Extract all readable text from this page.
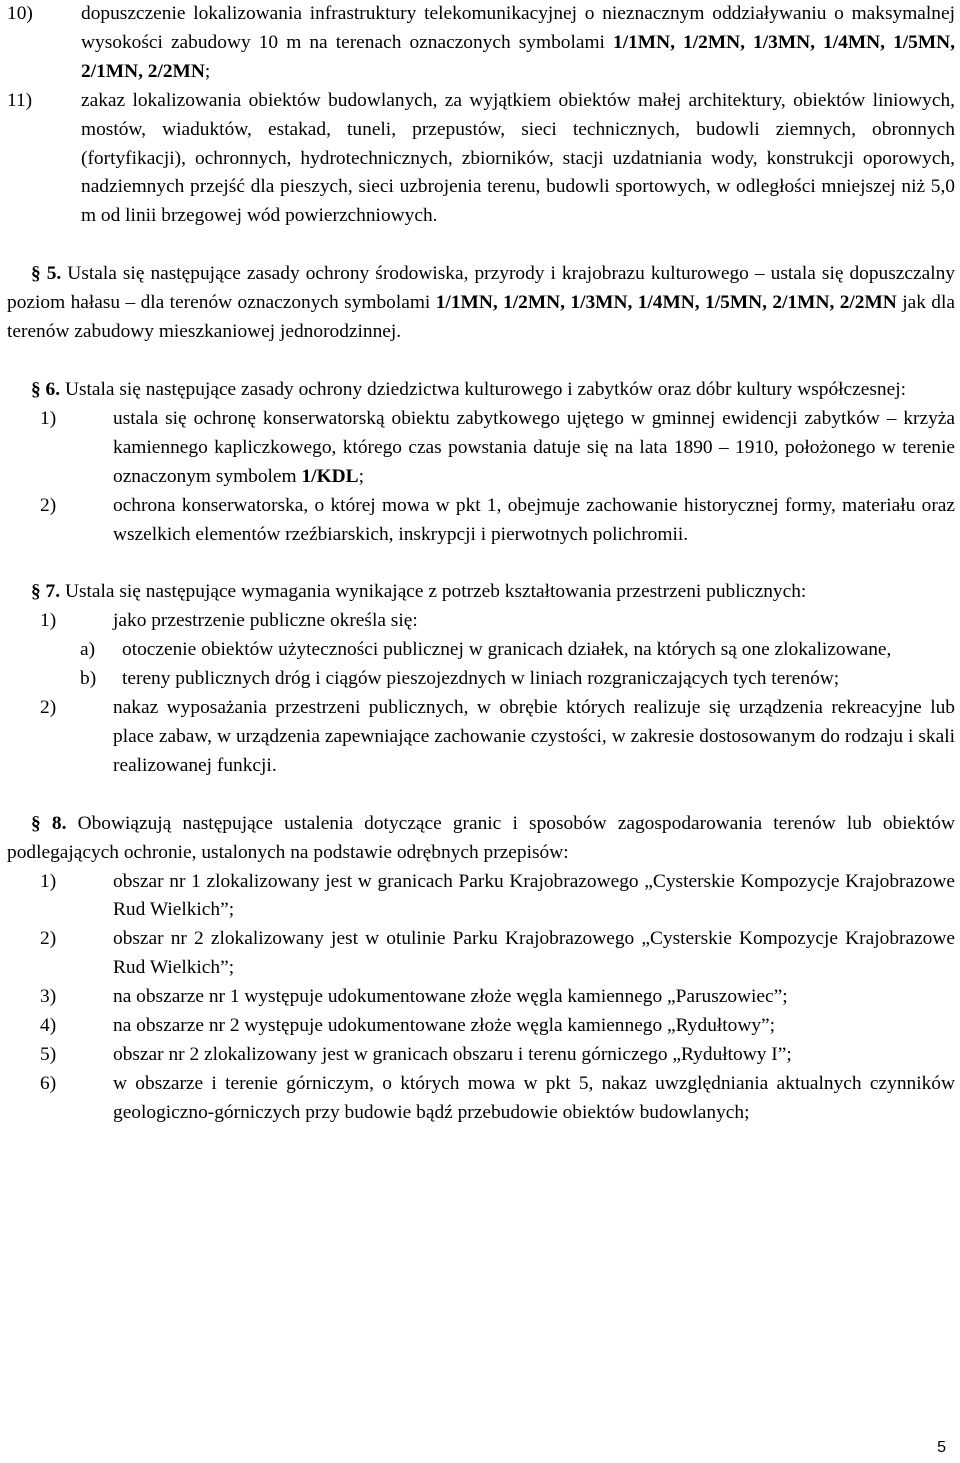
10)	dopuszczenie lokalizowania infrastruktury telekomunikacyjnej o nieznacznym oddziaływaniu o maksymalnej wysokości zabudowy 10 m na terenach oznaczonych symbolami 1/1MN, 1/2MN, 1/3MN, 1/4MN, 1/5MN, 2/1MN, 2/2MN;
11)	zakaz lokalizowania obiektów budowlanych, za wyjątkiem obiektów małej architektury, obiektów liniowych, mostów, wiaduktów, estakad, tuneli, przepustów, sieci technicznych, budowli ziemnych, obronnych (fortyfikacji), ochronnych, hydrotechnicznych, zbiorników, stacji uzdatniania wody, konstrukcji oporowych, nadziemnych przejść dla pieszych, sieci uzbrojenia terenu, budowli sportowych, w odległości mniejszej niż 5,0 m od linii brzegowej wód powierzchniowych.
§ 5. Ustala się następujące zasady ochrony środowiska, przyrody i krajobrazu kulturowego – ustala się dopuszczalny poziom hałasu – dla terenów oznaczonych symbolami 1/1MN, 1/2MN, 1/3MN, 1/4MN, 1/5MN, 2/1MN, 2/2MN jak dla terenów zabudowy mieszkaniowej jednorodzinnej.
§ 6. Ustala się następujące zasady ochrony dziedzictwa kulturowego i zabytków oraz dóbr kultury współczesnej:
1)	ustala się ochronę konserwatorską obiektu zabytkowego ujętego w gminnej ewidencji zabytków – krzyża kamiennego kapliczkowego, którego czas powstania datuje się na lata 1890 – 1910, położonego w terenie oznaczonym symbolem 1/KDL;
2)	ochrona konserwatorska, o której mowa w pkt 1, obejmuje zachowanie historycznej formy, materiału oraz wszelkich elementów rzeźbiarskich, inskrypcji i pierwotnych polichromii.
§ 7. Ustala się następujące wymagania wynikające z potrzeb kształtowania przestrzeni publicznych:
1)	jako przestrzenie publiczne określa się:
a)	otoczenie obiektów użyteczności publicznej w granicach działek, na których są one zlokalizowane,
b)	tereny publicznych dróg i ciągów pieszojezdnych w liniach rozgraniczających tych terenów;
2)	nakaz wyposażania przestrzeni publicznych, w obrębie których realizuje się urządzenia rekreacyjne lub place zabaw, w urządzenia zapewniające zachowanie czystości, w zakresie dostosowanym do rodzaju i skali realizowanej funkcji.
§ 8. Obowiązują następujące ustalenia dotyczące granic i sposobów zagospodarowania terenów lub obiektów podlegających ochronie, ustalonych na podstawie odrębnych przepisów:
1)	obszar nr 1 zlokalizowany jest w granicach Parku Krajobrazowego „Cysterskie Kompozycje Krajobrazowe Rud Wielkich”;
2)	obszar nr 2 zlokalizowany jest w otulinie Parku Krajobrazowego „Cysterskie Kompozycje Krajobrazowe Rud Wielkich”;
3)	na obszarze nr 1 występuje udokumentowane złoże węgla kamiennego „Paruszowiec”;
4)	na obszarze nr 2 występuje udokumentowane złoże węgla kamiennego „Rydułtowy”;
5)	obszar nr 2 zlokalizowany jest w granicach obszaru i terenu górniczego „Rydułtowy I”;
6)	w obszarze i terenie górniczym, o których mowa w pkt 5, nakaz uwzględniania aktualnych czynników geologiczno-górniczych przy budowie bądź przebudowie obiektów budowlanych;
5
